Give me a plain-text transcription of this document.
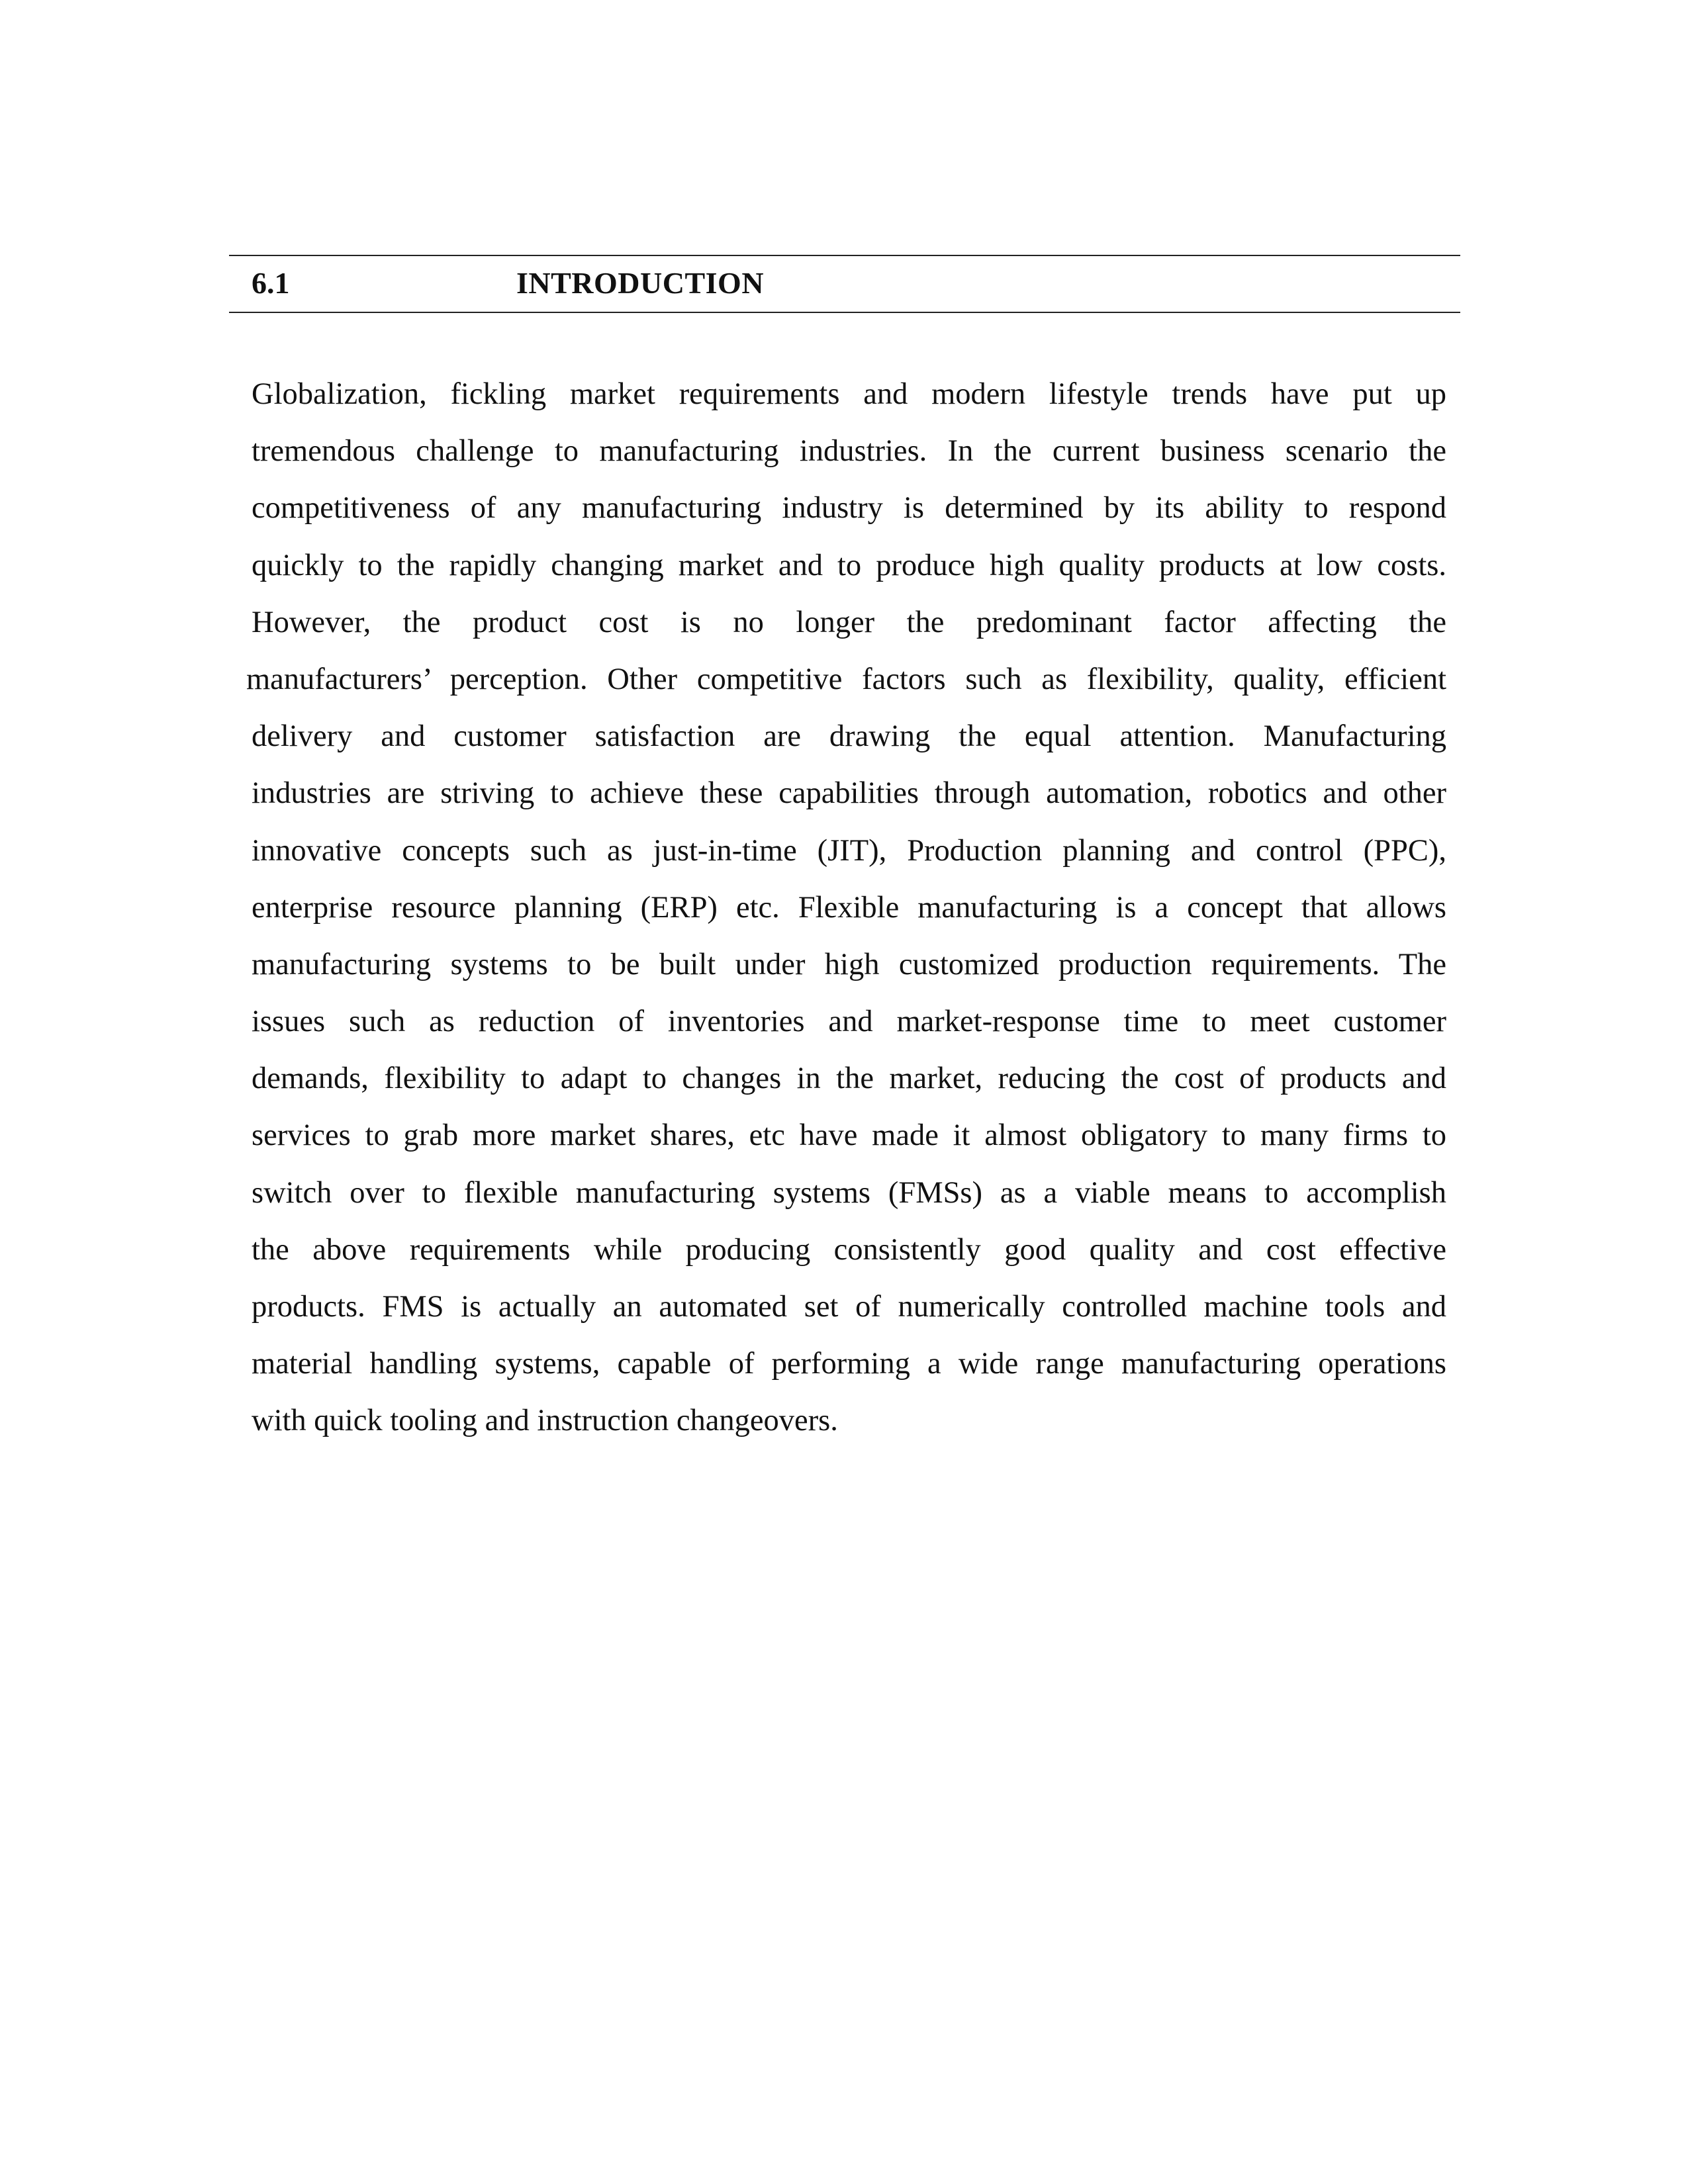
6.1	INTRODUCTION
Globalization, fickling market requirements and modern lifestyle trends have put up
tremendous challenge to manufacturing industries. In the current business scenario the
competitiveness of any manufacturing industry is determined by its ability to respond
quickly to the rapidly changing market and to produce high quality products at low costs.
However, the product cost is no longer the predominant factor affecting the
manufacturers’ perception. Other competitive factors such as flexibility, quality, efficient
delivery and customer satisfaction are drawing the equal attention. Manufacturing
industries are striving to achieve these capabilities through automation, robotics and other
innovative concepts such as just-in-time (JIT), Production planning and control (PPC),
enterprise resource planning (ERP) etc. Flexible manufacturing is a concept that allows
manufacturing systems to be built under high customized production requirements. The
issues such as reduction of inventories and market-response time to meet customer
demands, flexibility to adapt to changes in the market, reducing the cost of products and
services to grab more market shares, etc have made it almost obligatory to many firms to
switch over to flexible manufacturing systems (FMSs) as a viable means to accomplish
the above requirements while producing consistently good quality and cost effective
products. FMS is actually an automated set of numerically controlled machine tools and
material handling systems, capable of performing a wide range manufacturing operations
with quick tooling and instruction changeovers.
